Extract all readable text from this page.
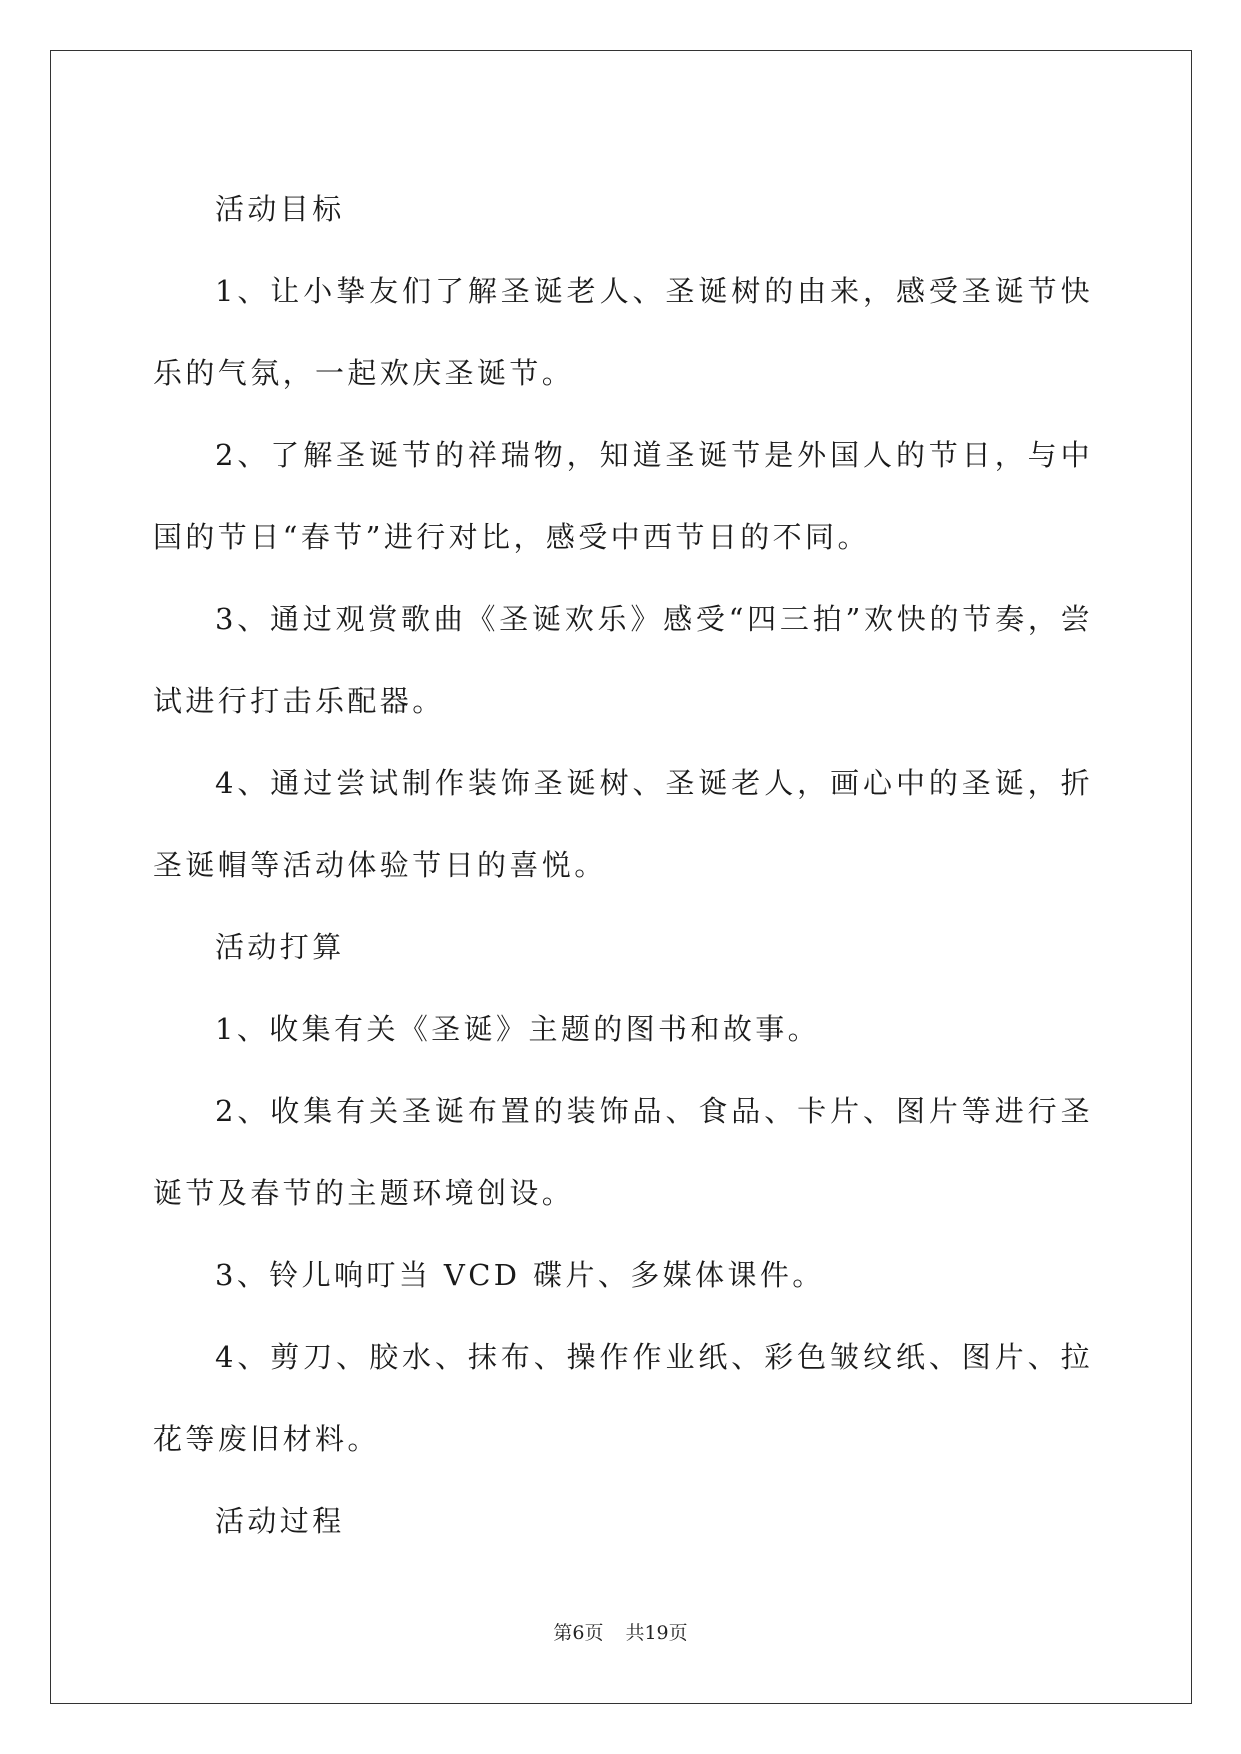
活动目标

1、让小挚友们了解圣诞老人、圣诞树的由来，感受圣诞节快乐的气氛，一起欢庆圣诞节。

2、了解圣诞节的祥瑞物，知道圣诞节是外国人的节日，与中国的节日“春节”进行对比，感受中西节日的不同。

3、通过观赏歌曲《圣诞欢乐》感受“四三拍”欢快的节奏，尝试进行打击乐配器。

4、通过尝试制作装饰圣诞树、圣诞老人，画心中的圣诞，折圣诞帽等活动体验节日的喜悦。

活动打算

1、收集有关《圣诞》主题的图书和故事。

2、收集有关圣诞布置的装饰品、食品、卡片、图片等进行圣诞节及春节的主题环境创设。

3、铃儿响叮当 VCD 碟片、多媒体课件。

4、剪刀、胶水、抹布、操作作业纸、彩色皱纹纸、图片、拉花等废旧材料。

活动过程

第6页 共19页
